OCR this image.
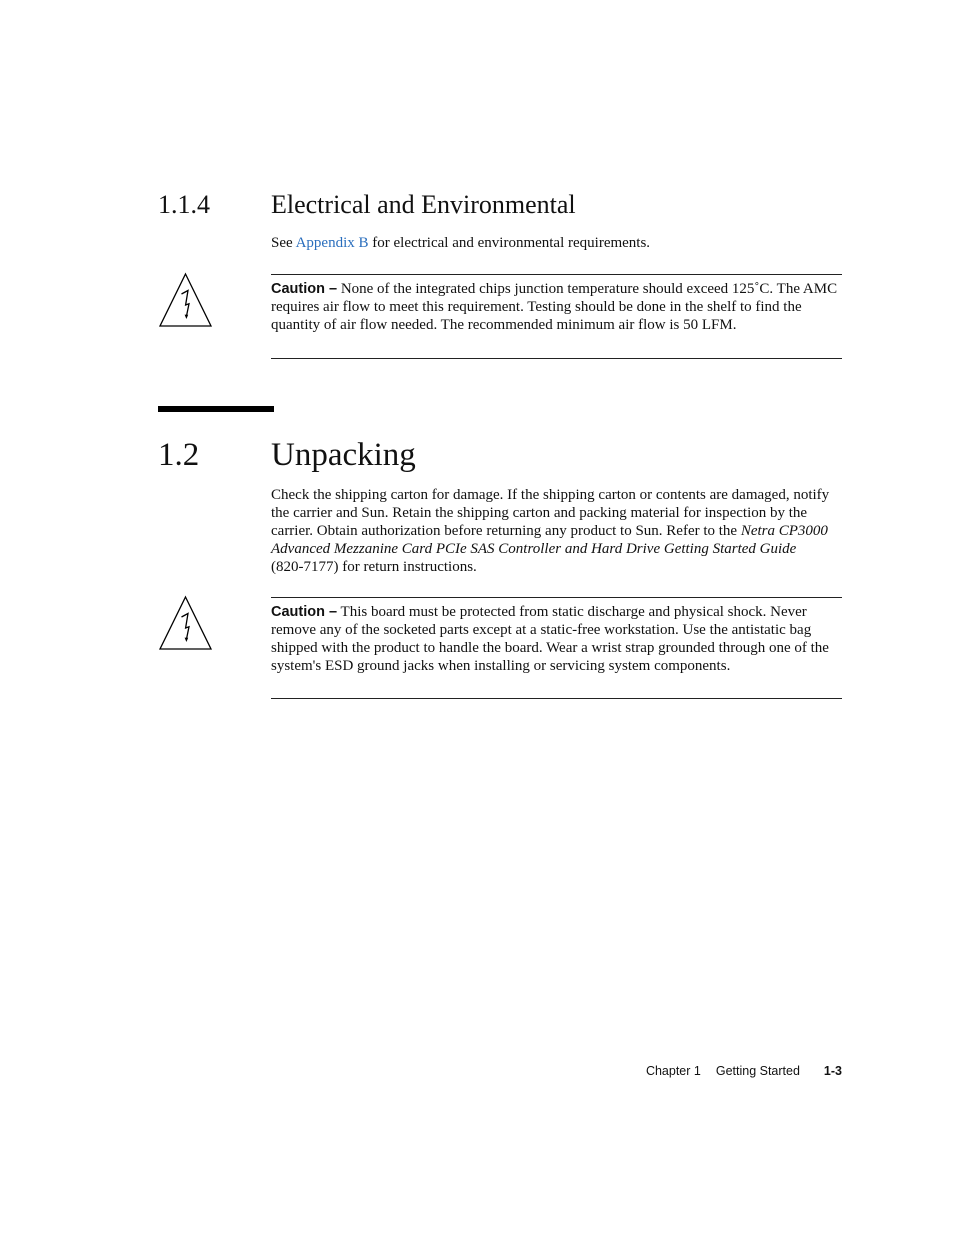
1.1.4 Electrical and Environmental
See Appendix B for electrical and environmental requirements.
Caution – None of the integrated chips junction temperature should exceed 125˚C. The AMC requires air flow to meet this requirement. Testing should be done in the shelf to find the quantity of air flow needed. The recommended minimum air flow is 50 LFM.
1.2 Unpacking
Check the shipping carton for damage. If the shipping carton or contents are damaged, notify the carrier and Sun. Retain the shipping carton and packing material for inspection by the carrier. Obtain authorization before returning any product to Sun. Refer to the Netra CP3000 Advanced Mezzanine Card PCIe SAS Controller and Hard Drive Getting Started Guide (820-7177) for return instructions.
Caution – This board must be protected from static discharge and physical shock. Never remove any of the socketed parts except at a static-free workstation. Use the antistatic bag shipped with the product to handle the board. Wear a wrist strap grounded through one of the system's ESD ground jacks when installing or servicing system components.
Chapter 1 Getting Started 1-3
